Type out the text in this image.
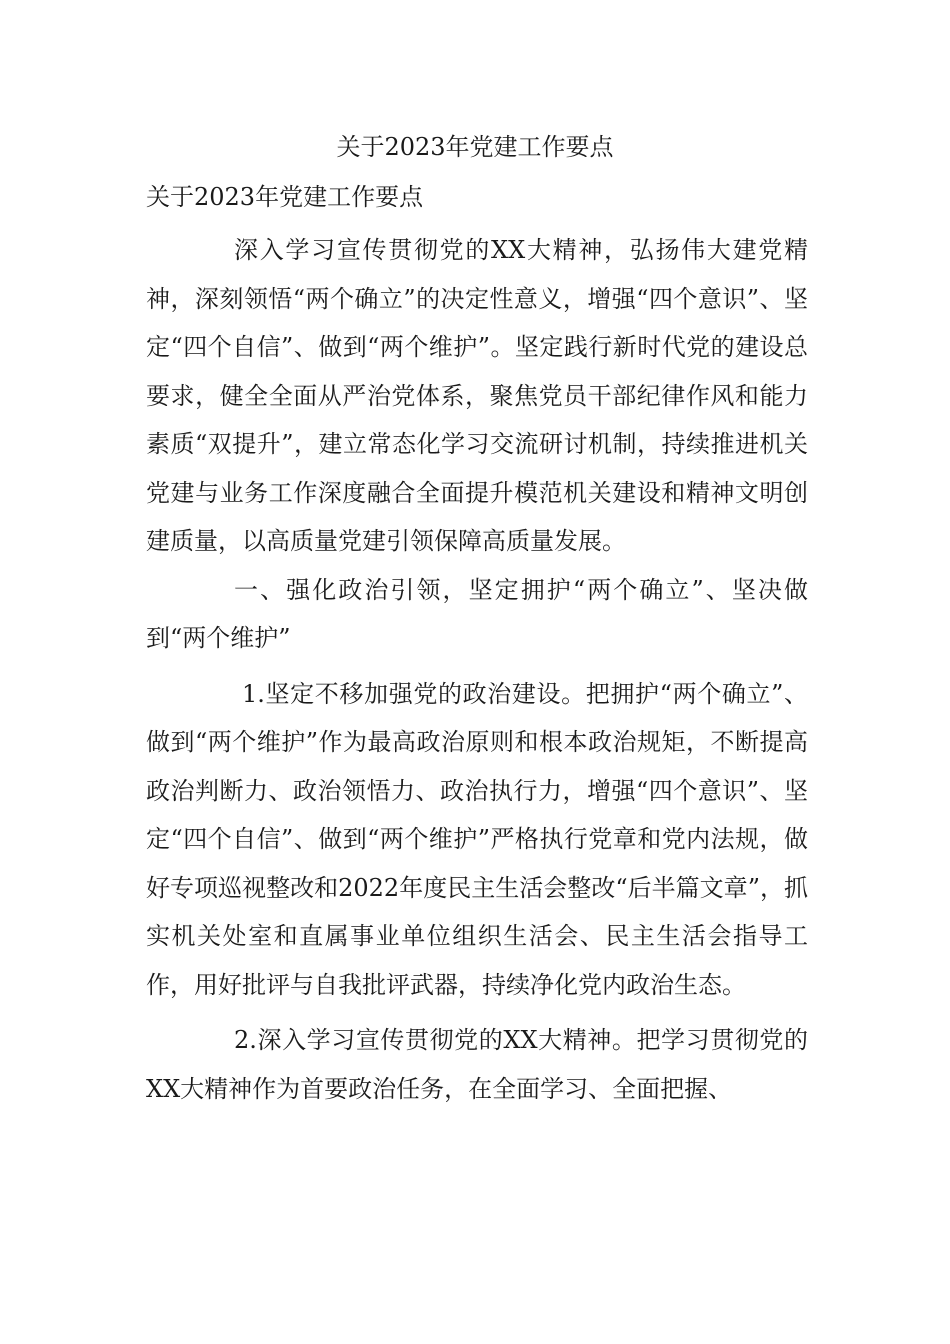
关于2023年党建工作要点
关于2023年党建工作要点

深入学习宣传贯彻党的XX大精神，弘扬伟大建党精神，深刻领悟“两个确立”的决定性意义，增强“四个意识”、坚定“四个自信”、做到“两个维护”。坚定践行新时代党的建设总要求，健全全面从严治党体系，聚焦党员干部纪律作风和能力素质“双提升”，建立常态化学习交流研讨机制，持续推进机关党建与业务工作深度融合全面提升模范机关建设和精神文明创建质量，以高质量党建引领保障高质量发展。

一、强化政治引领，坚定拥护“两个确立”、坚决做到“两个维护”

1.坚定不移加强党的政治建设。把拥护“两个确立”、做到“两个维护”作为最高政治原则和根本政治规矩，不断提高政治判断力、政治领悟力、政治执行力，增强“四个意识”、坚定“四个自信”、做到“两个维护”严格执行党章和党内法规，做好专项巡视整改和2022年度民主生活会整改“后半篇文章”，抓实机关处室和直属事业单位组织生活会、民主生活会指导工作，用好批评与自我批评武器，持续净化党内政治生态。

2.深入学习宣传贯彻党的XX大精神。把学习贯彻党的XX大精神作为首要政治任务，在全面学习、全面把握、
